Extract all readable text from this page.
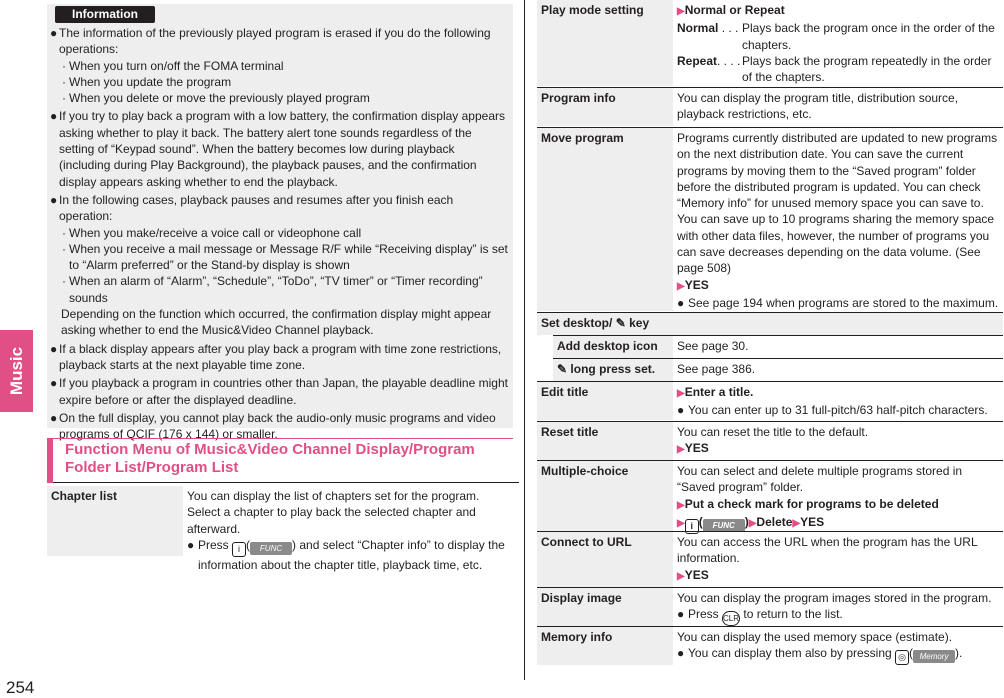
Music
254
Information
● The information of the previously played program is erased if you do the following operations:
· When you turn on/off the FOMA terminal
· When you update the program
· When you delete or move the previously played program
● If you try to play back a program with a low battery, the confirmation display appears asking whether to play it back. The battery alert tone sounds regardless of the setting of “Keypad sound”. When the battery becomes low during playback (including during Play Background), the playback pauses, and the confirmation display appears asking whether to end the playback.
● In the following cases, playback pauses and resumes after you finish each operation:
· When you make/receive a voice call or videophone call
· When you receive a mail message or Message R/F while “Receiving display” is set to “Alarm preferred” or the Stand-by display is shown
· When an alarm of “Alarm”, “Schedule”, “ToDo”, “TV timer” or “Timer recording” sounds
Depending on the function which occurred, the confirmation display might appear asking whether to end the Music&Video Channel playback.
● If a black display appears after you play back a program with time zone restrictions, playback starts at the next playable time zone.
● If you playback a program in countries other than Japan, the playable deadline might expire before or after the displayed deadline.
● On the full display, you cannot play back the audio-only music programs and video programs of QCIF (176 x 144) or smaller.
Function Menu of Music&Video Channel Display/Program Folder List/Program List
Chapter list	You can display the list of chapters set for the program. Select a chapter to play back the selected chapter and afterward.
● Press i ( FUNC ) and select “Chapter info” to display the information about the chapter title, playback time, etc.
Play mode setting	▶Normal or Repeat
Normal . . . Plays back the program once in the order of the chapters.
Repeat. . . . Plays back the program repeatedly in the order of the chapters.
Program info	You can display the program title, distribution source, playback restrictions, etc.
Move program	Programs currently distributed are updated to new programs on the next distribution date. You can save the current programs by moving them to the “Saved program” folder before the distributed program is updated. You can check “Memory info” for unused memory space you can save to. You can save up to 10 programs sharing the memory space with other data files, however, the number of programs you can save decreases depending on the data volume. (See page 508)
▶YES
● See page 194 when programs are stored to the maximum.
Set desktop/ ✎ key
Add desktop icon	See page 30.
✎ long press set.	See page 386.
Edit title	▶Enter a title.
● You can enter up to 31 full-pitch/63 half-pitch characters.
Reset title	You can reset the title to the default.
▶YES
Multiple-choice	You can select and delete multiple programs stored in “Saved program” folder.
▶Put a check mark for programs to be deleted
▶ i ( FUNC )▶Delete▶YES
Connect to URL	You can access the URL when the program has the URL information.
▶YES
Display image	You can display the program images stored in the program.
● Press CLR to return to the list.
Memory info	You can display the used memory space (estimate).
● You can display them also by pressing ◎ ( Memory ).
